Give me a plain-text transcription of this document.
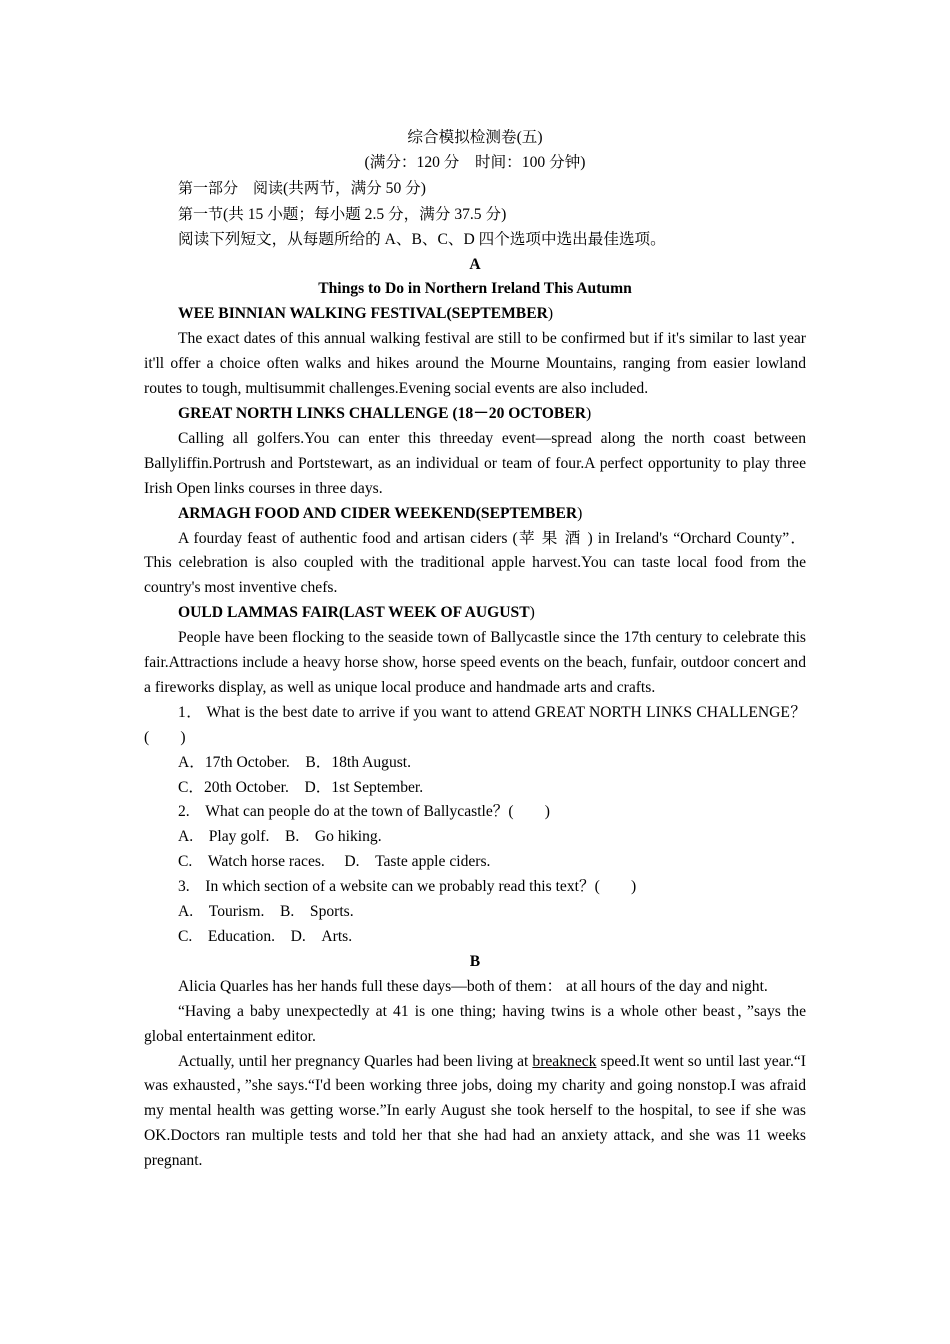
综合模拟检测卷(五)
(满分：120 分　时间：100 分钟)
第一部分　阅读(共两节，满分 50 分)
第一节(共 15 小题；每小题 2.5 分，满分 37.5 分)
阅读下列短文，从每题所给的 A、B、C、D 四个选项中选出最佳选项。
A
Things to Do in Northern Ireland This Autumn
WEE BINNIAN WALKING FESTIVAL(SEPTEMBER)
The exact dates of this annual walking festival are still to be confirmed but if it's similar to last year it'll offer a choice often walks and hikes around the Mourne Mountains, ranging from easier lowland routes to tough, multisummit challenges.Evening social events are also included.
GREAT NORTH LINKS CHALLENGE (18－20 OCTOBER)
Calling all golfers.You can enter this threeday event—spread along the north coast between Ballyliffin.Portrush and Portstewart, as an individual or team of four.A perfect opportunity to play three Irish Open links courses in three days.
ARMAGH FOOD AND CIDER WEEKEND(SEPTEMBER)
A fourday feast of authentic food and artisan ciders (苹果酒) in Ireland's “Orchard County”． This celebration is also coupled with the traditional apple harvest.You can taste local food from the country's most inventive chefs.
OULD LAMMAS FAIR(LAST WEEK OF AUGUST)
People have been flocking to the seaside town of Ballycastle since the 17th century to celebrate this fair.Attractions include a heavy horse show, horse speed events on the beach, funfair, outdoor concert and a fireworks display, as well as unique local produce and handmade arts and crafts.
1． What is the best date to arrive if you want to attend GREAT NORTH LINKS CHALLENGE？(　　)
A．17th October.　B．18th August.
C．20th October.　D．1st September.
2.　What can people do at the town of Ballycastle？(　　)
A.　Play golf.　B.　Go hiking.
C.　Watch horse races.　 D.　Taste apple ciders.
3.　In which section of a website can we probably read this text？(　　)
A.　Tourism.　B.　Sports.
C.　Education.　D.　Arts.
B
Alicia Quarles has her hands full these days—both of them： at all hours of the day and night.
“Having a baby unexpectedly at 41 is one thing; having twins is a whole other beast，”says the global entertainment editor.
Actually, until her pregnancy Quarles had been living at breakneck speed.It went so until last year.“I was exhausted，”she says.“I'd been working three jobs, doing my charity and going nonstop.I was afraid my mental health was getting worse.”In early August she took herself to the hospital, to see if she was OK.Doctors ran multiple tests and told her that she had had an anxiety attack, and she was 11 weeks pregnant.
